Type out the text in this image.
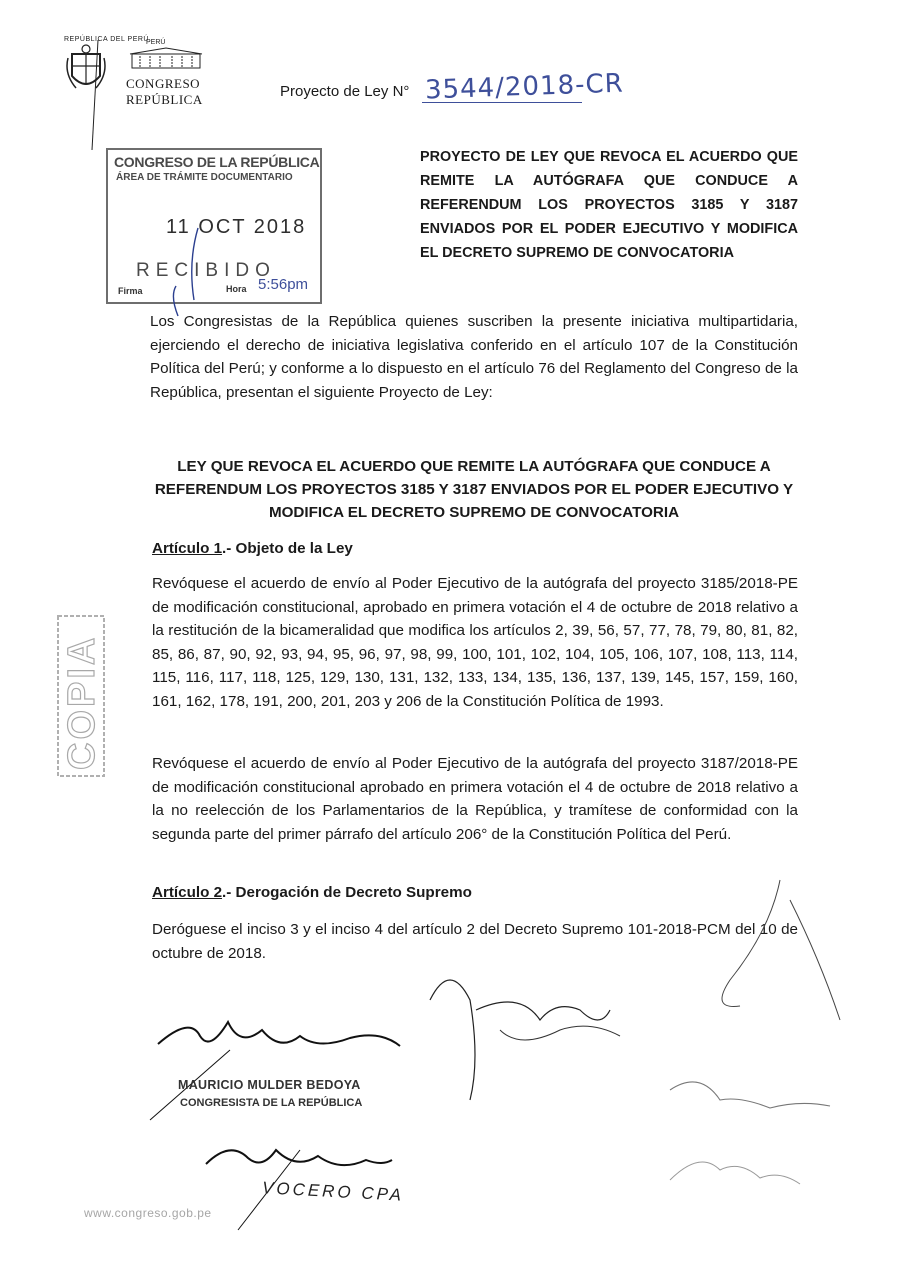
REPÚBLICA DEL PERÚ
PERÚ
CONGRESO
REPÚBLICA	Proyecto de Ley N° 3544/2018-CR
CONGRESO DE LA REPÚBLICA
ÁREA DE TRÁMITE DOCUMENTARIO
11 OCT 2018
RECIBIDO
Firma	Hora 5:56pm
PROYECTO DE LEY QUE REVOCA EL ACUERDO QUE REMITE LA AUTÓGRAFA QUE CONDUCE A REFERENDUM LOS PROYECTOS 3185 Y 3187 ENVIADOS POR EL PODER EJECUTIVO Y MODIFICA EL DECRETO SUPREMO DE CONVOCATORIA
Los Congresistas de la República quienes suscriben la presente iniciativa multipartidaria, ejerciendo el derecho de iniciativa legislativa conferido en el artículo 107 de la Constitución Política del Perú; y conforme a lo dispuesto en el artículo 76 del Reglamento del Congreso de la República, presentan el siguiente Proyecto de Ley:
LEY QUE REVOCA EL ACUERDO QUE REMITE LA AUTÓGRAFA QUE CONDUCE A REFERENDUM LOS PROYECTOS 3185 Y 3187 ENVIADOS POR EL PODER EJECUTIVO Y MODIFICA EL DECRETO SUPREMO DE CONVOCATORIA
Artículo 1.- Objeto de la Ley
Revóquese el acuerdo de envío al Poder Ejecutivo de la autógrafa del proyecto 3185/2018-PE de modificación constitucional, aprobado en primera votación el 4 de octubre de 2018 relativo a la restitución de la bicameralidad que modifica los artículos 2, 39, 56, 57, 77, 78, 79, 80, 81, 82, 85, 86, 87, 90, 92, 93, 94, 95, 96, 97, 98, 99, 100, 101, 102, 104, 105, 106, 107, 108, 113, 114, 115, 116, 117, 118, 125, 129, 130, 131, 132, 133, 134, 135, 136, 137, 139, 145, 157, 159, 160, 161, 162, 178, 191, 200, 201, 203 y 206 de la Constitución Política de 1993.
Revóquese el acuerdo de envío al Poder Ejecutivo de la autógrafa del proyecto 3187/2018-PE de modificación constitucional aprobado en primera votación el 4 de octubre de 2018 relativo a la no reelección de los Parlamentarios de la República, y tramítese de conformidad con la segunda parte del primer párrafo del artículo 206° de la Constitución Política del Perú.
Artículo 2.- Derogación de Decreto Supremo
Deróguese el inciso 3 y el inciso 4 del artículo 2 del Decreto Supremo 101-2018-PCM del 10 de octubre de 2018.
COPIA
MAURICIO MULDER BEDOYA
CONGRESISTA DE LA REPÚBLICA
VOCERO CPA
www.congreso.gob.pe
